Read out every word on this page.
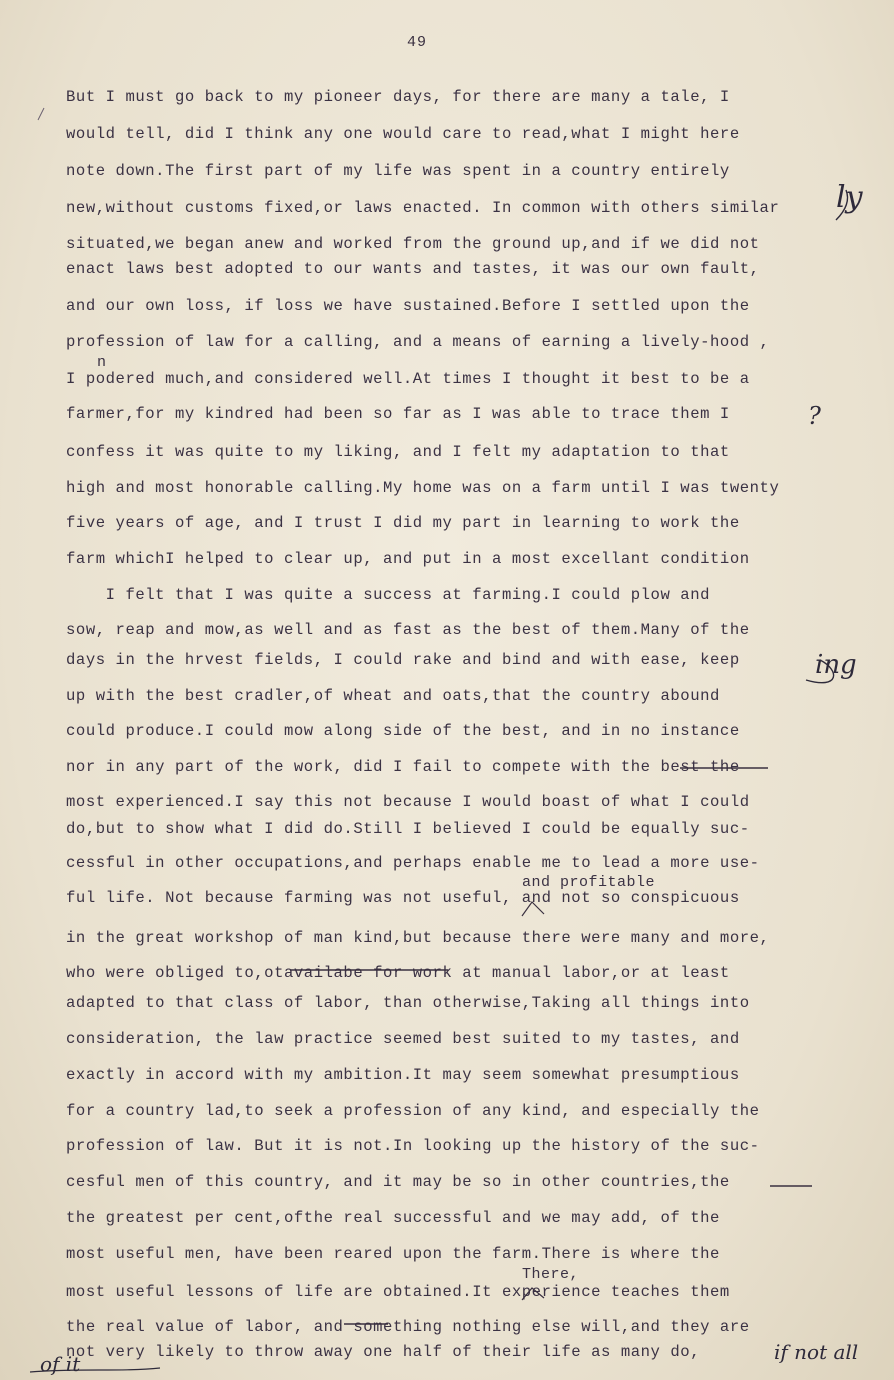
49
But I must go back to my pioneer days, for there are many a tale, I
would tell, did I think any one would care to read,what I might here
note down.The first part of my life was spent in a country entirely
new,without customs fixed,or laws enacted. In common with others similar
situated,we began anew and worked from the ground up,and if we did not
enact laws best adopted to our wants and tastes, it was our own fault,
and our own loss, if loss we have sustained.Before I settled upon the
profession of law for a calling, and a means of earning a lively-hood ,
n
I podered much,and considered well.At times I thought it best to be a
farmer,for my kindred had been so far as I was able to trace them I
confess it was quite to my liking, and I felt my adaptation to that
high and most honorable calling.My home was on a farm until I was twenty
five years of age, and I trust I did my part in learning to work the
farm whichI helped to clear up, and put in a most excellant condition
I felt that I was quite a success at farming.I could plow and
sow, reap and mow,as well and as fast as the best of them.Many of the
days in the hrvest fields, I could rake and bind and with ease, keep
up with the best cradler,of wheat and oats,that the country abound
could produce.I could mow along side of the best, and in no instance
nor in any part of the work, did I fail to compete with the best the
most experienced.I say this not because I would boast of what I could
do,but to show what I did do.Still I believed I could be equally suc-
cessful in other occupations,and perhaps enable me to lead a more use-
and profitable
ful life. Not because farming was not useful, and not so conspicuous
in the great workshop of man kind,but because there were many and more,
who were obliged to,otavailabe for work at manual labor,or at least
adapted to that class of labor, than otherwise,Taking all things into
consideration, the law practice seemed best suited to my tastes, and
exactly in accord with my ambition.It may seem somewhat presumptious
for a country lad,to seek a profession of any kind, and especially the
profession of law. But it is not.In looking up the history of the suc-
cesful men of this country, and it may be so in other countries,the
the greatest per cent,ofthe real successful and we may add, of the
most useful men, have been reared upon the farm.There is where the
There,
most useful lessons of life are obtained.It experience teaches them
the real value of labor, and something nothing else will,and they are
not very likely to throw away one half of their life as many do,
ly
ing
?
if not all
of it
